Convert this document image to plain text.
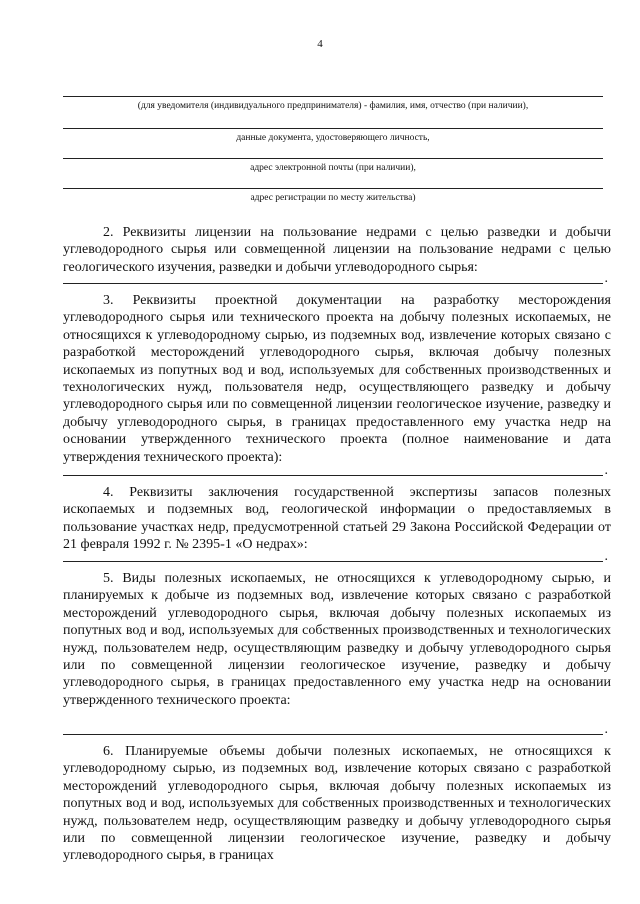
4
(для уведомителя (индивидуального предпринимателя) - фамилия, имя, отчество (при наличии),
данные документа, удостоверяющего личность,
адрес электронной почты (при наличии),
адрес регистрации по месту жительства)

2. Реквизиты лицензии на пользование недрами с целью разведки и добычи углеводородного сырья или совмещенной лицензии на пользование недрами с целью геологического изучения, разведки и добычи углеводородного сырья:

.

3. Реквизиты проектной документации на разработку месторождения углеводородного сырья или технического проекта на добычу полезных ископаемых, не относящихся к углеводородному сырью, из подземных вод, извлечение которых связано с разработкой месторождений углеводородного сырья, включая добычу полезных ископаемых из попутных вод и вод, используемых для собственных производственных и технологических нужд, пользователя недр, осуществляющего разведку и добычу углеводородного сырья или по совмещенной лицензии геологическое изучение, разведку и добычу углеводородного сырья, в границах предоставленного ему участка недр на основании утвержденного технического проекта (полное наименование и дата утверждения технического проекта):

.

4. Реквизиты заключения государственной экспертизы запасов полезных ископаемых и подземных вод, геологической информации о предоставляемых в пользование участках недр, предусмотренной статьей 29 Закона Российской Федерации от 21 февраля 1992 г. № 2395-1 «О недрах»:

.

5. Виды полезных ископаемых, не относящихся к углеводородному сырью, и планируемых к добыче из подземных вод, извлечение которых связано с разработкой месторождений углеводородного сырья, включая добычу полезных ископаемых из попутных вод и вод, используемых для собственных производственных и технологических нужд, пользователем недр, осуществляющим разведку и добычу углеводородного сырья или по совмещенной лицензии геологическое изучение, разведку и добычу углеводородного сырья, в границах предоставленного ему участка недр на основании утвержденного технического проекта:

.

6. Планируемые объемы добычи полезных ископаемых, не относящихся к углеводородному сырью, из подземных вод, извлечение которых связано с разработкой месторождений углеводородного сырья, включая добычу полезных ископаемых из попутных вод и вод, используемых для собственных производственных и технологических нужд, пользователем недр, осуществляющим разведку и добычу углеводородного сырья или по совмещенной лицензии геологическое изучение, разведку и добычу углеводородного сырья, в границах
